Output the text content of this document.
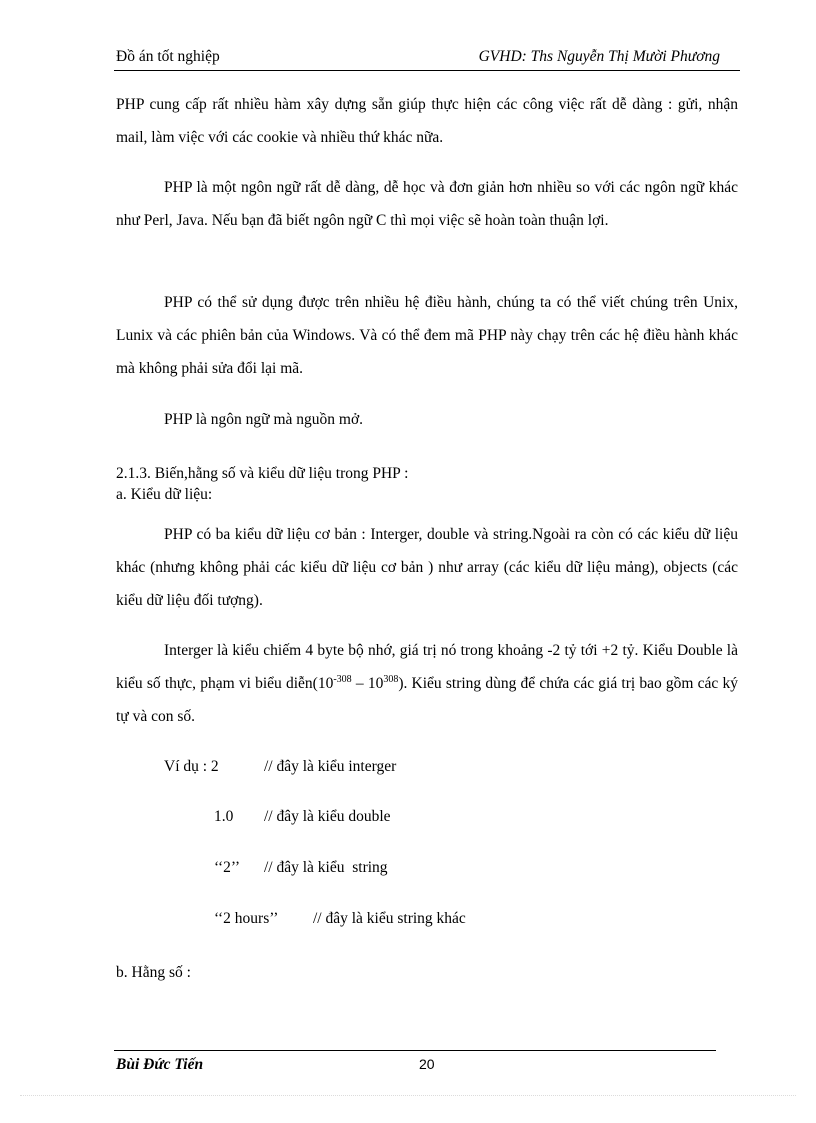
Đồ án tốt nghiệp	GVHD: Ths Nguyễn Thị Mười Phương

PHP cung cấp rất nhiều hàm xây dựng sẵn giúp thực hiện các công việc rất dễ dàng : gửi, nhận mail, làm việc với các cookie và nhiều thứ khác nữa.

PHP là một ngôn ngữ rất dễ dàng, dễ học và đơn giản hơn nhiều so với các ngôn ngữ khác như Perl, Java. Nếu bạn đã biết ngôn ngữ C thì mọi việc sẽ hoàn toàn thuận lợi.

PHP có thể sử dụng được trên nhiều hệ điều hành, chúng ta có thể viết chúng trên Unix, Lunix và các phiên bản của Windows. Và có thể đem mã PHP này chạy trên các hệ điều hành khác mà không phải sửa đổi lại mã.

PHP là ngôn ngữ mà nguồn mở.

2.1.3. Biến,hằng số và kiểu dữ liệu trong PHP :

a. Kiểu dữ liệu:

PHP có ba kiểu dữ liệu cơ bản : Interger, double và string.Ngoài ra còn có các kiểu dữ liệu khác (nhưng không phải các kiểu dữ liệu cơ bản ) như array (các kiểu dữ liệu mảng), objects (các kiểu dữ liệu đối tượng).

Interger là kiểu chiếm 4 byte bộ nhớ, giá trị nó trong khoảng -2 tỷ tới +2 tỷ. Kiểu Double là kiểu số thực, phạm vi biểu $diễn(10^{-308} - 10^{308})$. Kiểu string dùng để chứa các giá trị bao gồm các ký tự và con số.

Ví dụ : 2	// đây là kiểu interger
1.0 // đây là kiểu double
‘‘2’’ // đây là kiểu  string
‘‘2 hours’’ // đây là kiểu string khác

b. Hằng số :

Bùi Đức Tiến	20
